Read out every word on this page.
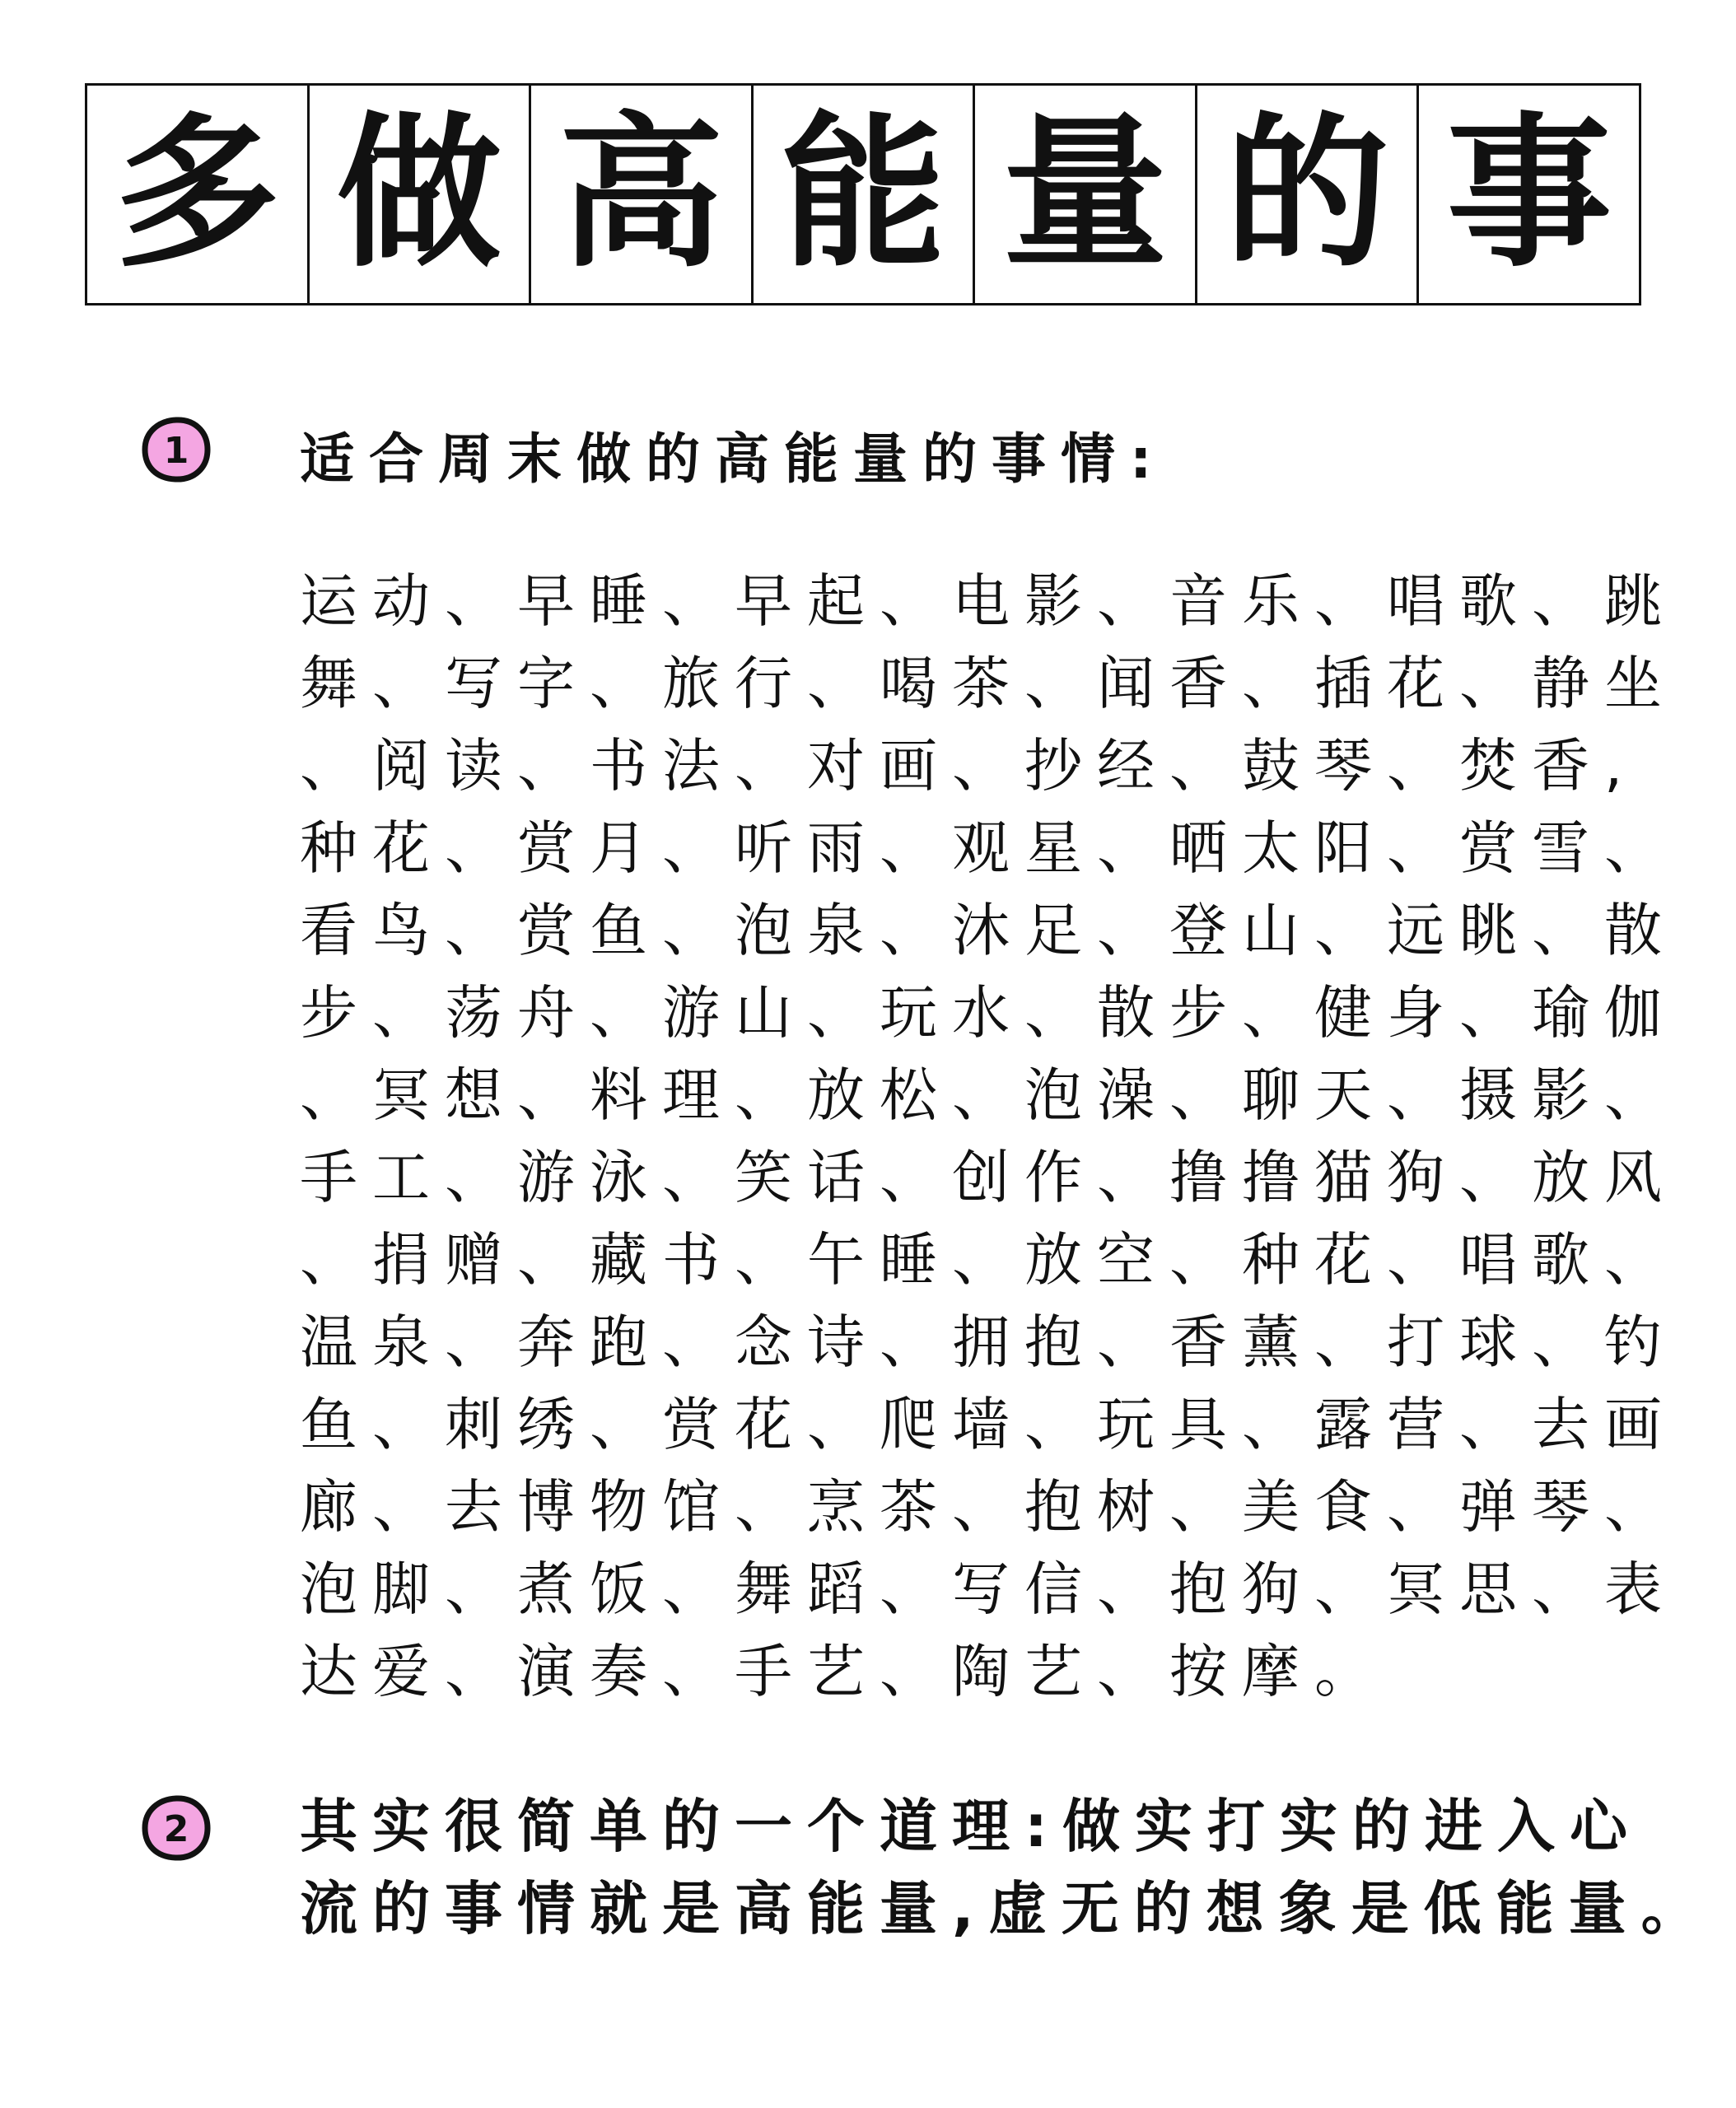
多 做 高 能 量 的 事
1 适合周末做的高能量的事情:
运动、早睡、早起、电影、音乐、唱歌、跳
舞、写字、旅行、喝茶、闻香、插花、静坐
、阅读、书法、对画、抄经、鼓琴、焚香,
种花、赏月、听雨、观星、晒太阳、赏雪、
看鸟、赏鱼、泡泉、沐足、登山、远眺、散
步、荡舟、游山、玩水、散步、健身、瑜伽
、冥想、料理、放松、泡澡、聊天、摄影、
手工、游泳、笑话、创作、撸撸猫狗、放风
、捐赠、藏书、午睡、放空、种花、唱歌、
温泉、奔跑、念诗、拥抱、香薰、打球、钓
鱼、刺绣、赏花、爬墙、玩具、露营、去画
廊、去博物馆、烹茶、抱树、美食、弹琴、
泡脚、煮饭、舞蹈、写信、抱狗、冥思、表
达爱、演奏、手艺、陶艺、按摩。
2 其实很简单的一个道理:做实打实的进入心
流的事情就是高能量,虚无的想象是低能量。
